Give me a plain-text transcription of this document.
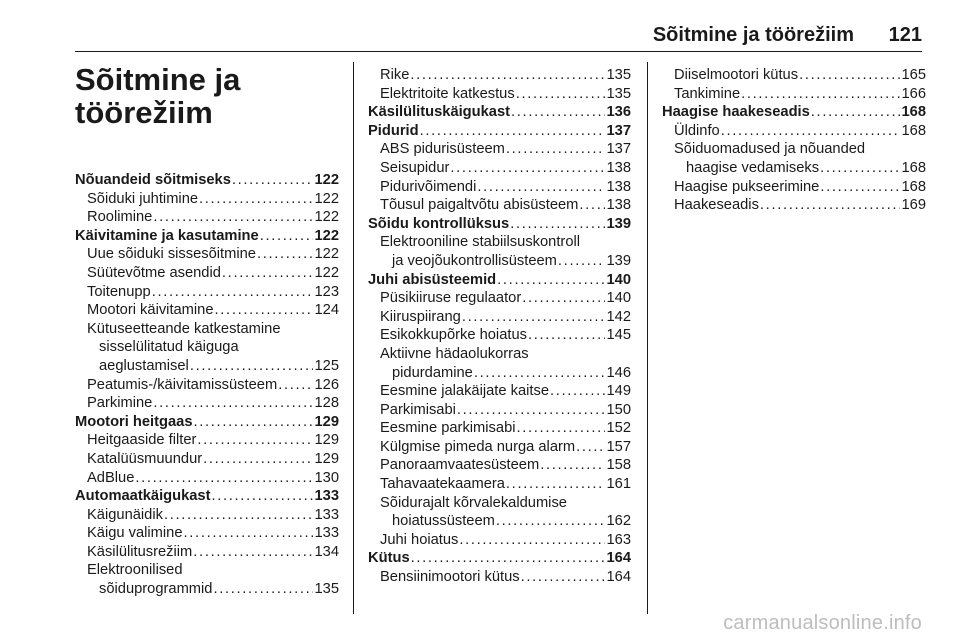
Sõitmine ja töörežiim 121
Sõitmine ja
töörežiim
Nõuandeid sõitmiseks . . .	122
Sõiduki juhtimine . . .	122
Roolimine . . .	122
Käivitamine ja kasutamine . . .	122
Uue sõiduki sissesõitmine . . .	122
Süütevõtme asendid . . .	122
Toitenupp . . .	123
Mootori käivitamine . . .	124
Kütuseetteande katkestamine
sisselülitatud käiguga
aeglustamisel . . .	125
Peatumis-/käivitamissüsteem . . .	126
Parkimine . . .	128
Mootori heitgaas . . .	129
Heitgaaside filter . . .	129
Katalüüsmuundur . . .	129
AdBlue . . .	130
Automaatkäigukast . . .	133
Käigunäidik . . .	133
Käigu valimine . . .	133
Käsilülitusrežiim . . .	134
Elektroonilised
sõiduprogrammid . . .	135
Rike . . .	135
Elektritoite katkestus . . .	135
Käsilülituskäigukast . . .	136
Pidurid . . .	137
ABS pidurisüsteem . . .	137
Seisupidur . . .	138
Pidurivõimendi . . .	138
Tõusul paigaltvõtu abisüsteem . . . 138
Sõidu kontrollüksus . . .	139
Elektrooniline stabiilsuskontroll
ja veojõukontrollisüsteem . . .	139
Juhi abisüsteemid . . .	140
Püsikiiruse regulaator . . .	140
Kiiruspiirang . . .	142
Esikokkupõrke hoiatus . . .	145
Aktiivne hädaolukorras
pidurdamine . . .	146
Eesmine jalakäijate kaitse . . .	149
Parkimisabi . . .	150
Eesmine parkimisabi . . .	152
Külgmise pimeda nurga alarm . . . 157
Panoraamvaatesüsteem . . .	158
Tahavaatekaamera . . .	161
Sõidurajalt kõrvalekaldumise
hoiatussüsteem . . .	162
Juhi hoiatus . . .	163
Kütus . . .	164
Bensiinimootori kütus . . .	164
Diiselmootori kütus . . .	165
Tankimine . . .	166
Haagise haakeseadis . . .	168
Üldinfo . . .	168
Sõiduomadused ja nõuanded
haagise vedamiseks . . .	168
Haagise pukseerimine . . .	168
Haakeseadis . . .	169
carmanualsonline.info
